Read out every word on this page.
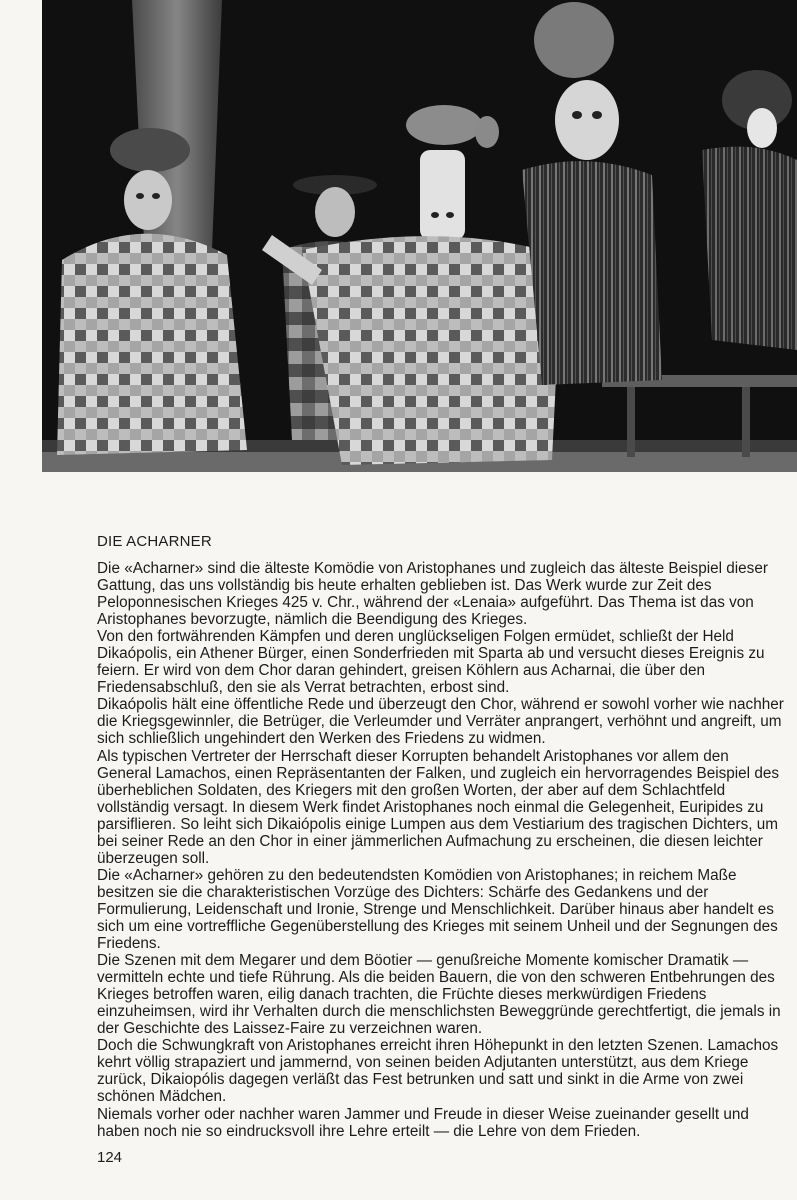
DIE ACHARNER

Die «Acharner» sind die älteste Komödie von Aristophanes und zugleich das älteste Beispiel dieser Gattung, das uns vollständig bis heute erhalten geblieben ist. Das Werk wurde zur Zeit des Peloponnesischen Krieges 425 v. Chr., während der «Lenaia» aufgeführt. Das Thema ist das von Aristophanes bevorzugte, nämlich die Beendigung des Krieges.

Von den fortwährenden Kämpfen und deren unglückseligen Folgen ermüdet, schließt der Held Dikaópolis, ein Athener Bürger, einen Sonderfrieden mit Sparta ab und versucht dieses Ereignis zu feiern. Er wird von dem Chor daran gehindert, greisen Köhlern aus Acharnai, die über den Friedensabschluß, den sie als Verrat betrachten, erbost sind.

Dikaópolis hält eine öffentliche Rede und überzeugt den Chor, während er sowohl vorher wie nachher die Kriegsgewinnler, die Betrüger, die Verleumder und Verräter anprangert, verhöhnt und angreift, um sich schließlich ungehindert den Werken des Friedens zu widmen.

Als typischen Vertreter der Herrschaft dieser Korrupten behandelt Aristophanes vor allem den General Lamachos, einen Repräsentanten der Falken, und zugleich ein hervorragendes Beispiel des überheblichen Soldaten, des Kriegers mit den großen Worten, der aber auf dem Schlachtfeld vollständig versagt. In diesem Werk findet Aristophanes noch einmal die Gelegenheit, Euripides zu parsiflieren. So leiht sich Dikaiópolis einige Lumpen aus dem Vestiarium des tragischen Dichters, um bei seiner Rede an den Chor in einer jämmerlichen Aufmachung zu erscheinen, die diesen leichter überzeugen soll.

Die «Acharner» gehören zu den bedeutendsten Komödien von Aristophanes; in reichem Maße besitzen sie die charakteristischen Vorzüge des Dichters: Schärfe des Gedankens und der Formulierung, Leidenschaft und Ironie, Strenge und Menschlichkeit. Darüber hinaus aber handelt es sich um eine vortreffliche Gegenüberstellung des Krieges mit seinem Unheil und der Segnungen des Friedens.

Die Szenen mit dem Megarer und dem Böotier — genußreiche Momente komischer Dramatik — vermitteln echte und tiefe Rührung. Als die beiden Bauern, die von den schweren Entbehrungen des Krieges betroffen waren, eilig danach trachten, die Früchte dieses merkwürdigen Friedens einzuheimsen, wird ihr Verhalten durch die menschlichsten Beweggründe gerechtfertigt, die jemals in der Geschichte des Laissez-Faire zu verzeichnen waren.

Doch die Schwungkraft von Aristophanes erreicht ihren Höhepunkt in den letzten Szenen. Lamachos kehrt völlig strapaziert und jammernd, von seinen beiden Adjutanten unterstützt, aus dem Kriege zurück, Dikaiopólis dagegen verläßt das Fest betrunken und satt und sinkt in die Arme von zwei schönen Mädchen.

Niemals vorher oder nachher waren Jammer und Freude in dieser Weise zueinander gesellt und haben noch nie so eindrucksvoll ihre Lehre erteilt — die Lehre von dem Frieden.

124
